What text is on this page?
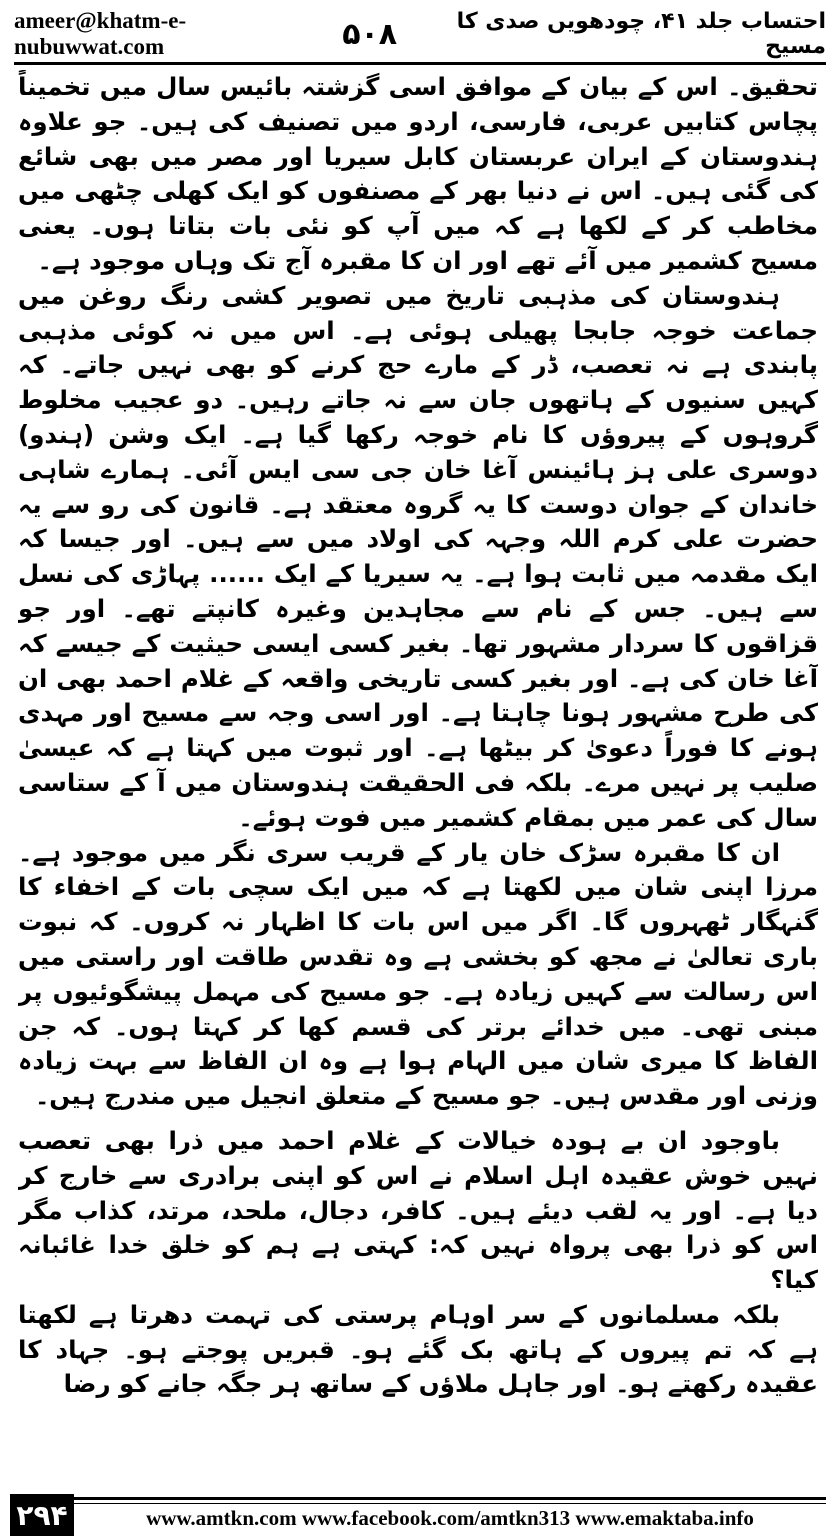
ameer@khatm-e-nubuwwat.com	۵۰۸	احتساب جلد ۴۱، چودھویں صدی کا مسیح

تحقیق۔ اس کے بیان کے موافق اسی گزشتہ بائیس سال میں تخمیناً پچاس کتابیں عربی، فارسی، اردو میں تصنیف کی ہیں۔ جو علاوہ ہندوستان کے ایران عربستان کابل سیریا اور مصر میں بھی شائع کی گئی ہیں۔ اس نے دنیا بھر کے مصنفوں کو ایک کھلی چٹھی میں مخاطب کر کے لکھا ہے کہ میں آپ کو نئی بات بتاتا ہوں۔ یعنی مسیح کشمیر میں آئے تھے اور ان کا مقبرہ آج تک وہاں موجود ہے۔

ہندوستان کی مذہبی تاریخ میں تصویر کشی رنگ روغن میں جماعت خوجہ جابجا پھیلی ہوئی ہے۔ اس میں نہ کوئی مذہبی پابندی ہے نہ تعصب، ڈر کے مارے حج کرنے کو بھی نہیں جاتے۔ کہ کہیں سنیوں کے ہاتھوں جان سے نہ جاتے رہیں۔ دو عجیب مخلوط گروہوں کے پیروؤں کا نام خوجہ رکھا گیا ہے۔ ایک وشن (ہندو) دوسری علی ہز ہائینس آغا خان جی سی ایس آئی۔ ہمارے شاہی خاندان کے جوان دوست کا یہ گروہ معتقد ہے۔ قانون کی رو سے یہ حضرت علی کرم اللہ وجہہ کی اولاد میں سے ہیں۔ اور جیسا کہ ایک مقدمہ میں ثابت ہوا ہے۔ یہ سیریا کے ایک ...... پہاڑی کی نسل سے ہیں۔ جس کے نام سے مجاہدین وغیرہ کانپتے تھے۔ اور جو قزاقوں کا سردار مشہور تھا۔ بغیر کسی ایسی حیثیت کے جیسے کہ آغا خان کی ہے۔ اور بغیر کسی تاریخی واقعہ کے غلام احمد بھی ان کی طرح مشہور ہونا چاہتا ہے۔ اور اسی وجہ سے مسیح اور مہدی ہونے کا فوراً دعویٰ کر بیٹھا ہے۔ اور ثبوت میں کہتا ہے کہ عیسیٰ صلیب پر نہیں مرے۔ بلکہ فی الحقیقت ہندوستان میں آ کے ستاسی سال کی عمر میں بمقام کشمیر میں فوت ہوئے۔

ان کا مقبرہ سڑک خان یار کے قریب سری نگر میں موجود ہے۔ مرزا اپنی شان میں لکھتا ہے کہ میں ایک سچی بات کے اخفاء کا گنہگار ٹھہروں گا۔ اگر میں اس بات کا اظہار نہ کروں۔ کہ نبوت باری تعالیٰ نے مجھ کو بخشی ہے وہ تقدس طاقت اور راستی میں اس رسالت سے کہیں زیادہ ہے۔ جو مسیح کی مہمل پیشگوئیوں پر مبنی تھی۔ میں خدائے برتر کی قسم کھا کر کہتا ہوں۔ کہ جن الفاظ کا میری شان میں الہام ہوا ہے وہ ان الفاظ سے بہت زیادہ وزنی اور مقدس ہیں۔ جو مسیح کے متعلق انجیل میں مندرج ہیں۔

باوجود ان بے ہودہ خیالات کے غلام احمد میں ذرا بھی تعصب نہیں خوش عقیدہ اہل اسلام نے اس کو اپنی برادری سے خارج کر دیا ہے۔ اور یہ لقب دیئے ہیں۔ کافر، دجال، ملحد، مرتد، کذاب مگر اس کو ذرا بھی پرواہ نہیں کہ: کہتی ہے ہم کو خلق خدا غائبانہ کیا؟

بلکہ مسلمانوں کے سر اوہام پرستی کی تہمت دھرتا ہے لکھتا ہے کہ تم پیروں کے ہاتھ بک گئے ہو۔ قبریں پوجتے ہو۔ جہاد کا عقیدہ رکھتے ہو۔ اور جاہل ملاؤں کے ساتھ ہر جگہ جانے کو رضا

۲۹۴	www.amtkn.com www.facebook.com/amtkn313 www.emaktaba.info
